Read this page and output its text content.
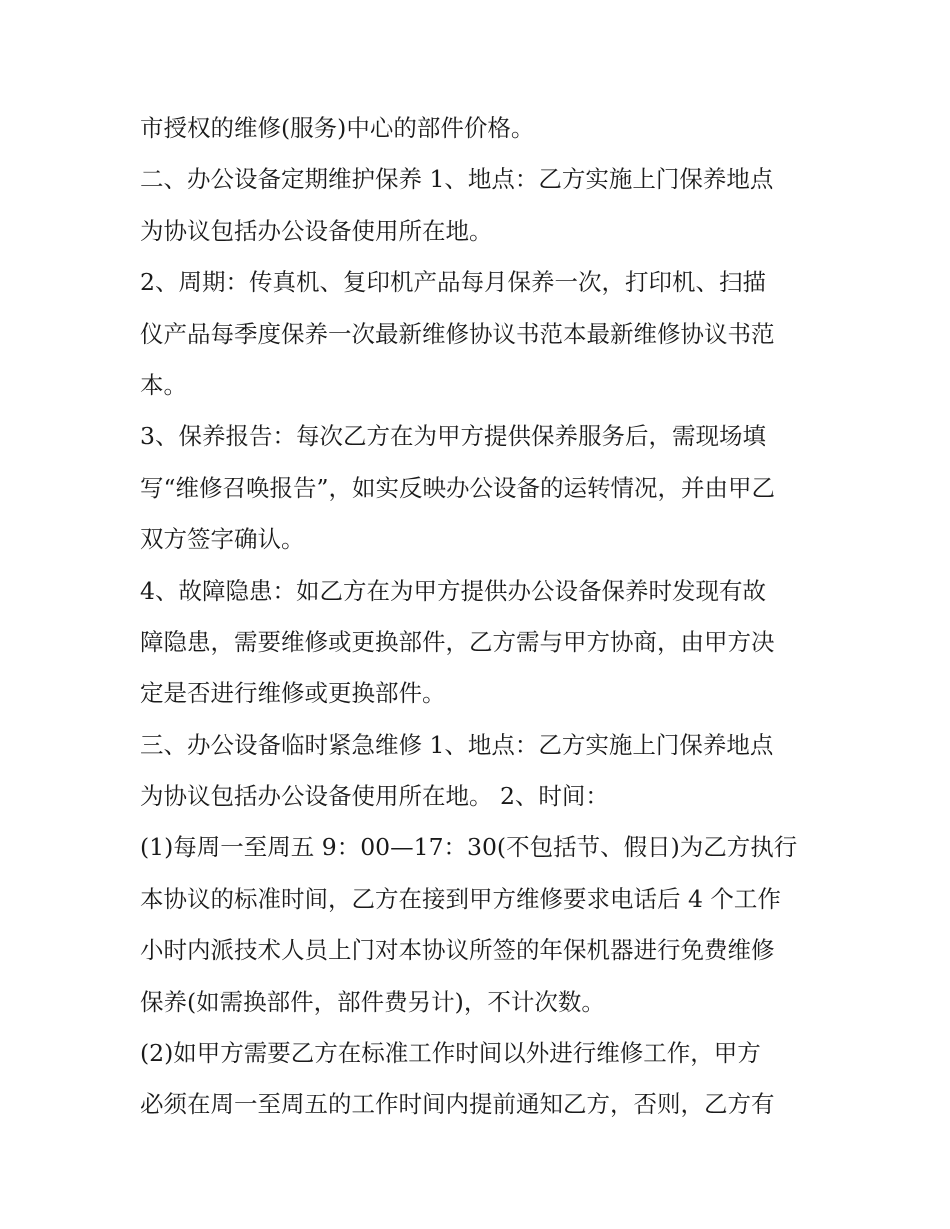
市授权的维修(服务)中心的部件价格。
二、办公设备定期维护保养 1、地点：乙方实施上门保养地点
为协议包括办公设备使用所在地。
2、周期：传真机、复印机产品每月保养一次，打印机、扫描
仪产品每季度保养一次最新维修协议书范本最新维修协议书范
本。
3、保养报告：每次乙方在为甲方提供保养服务后，需现场填
写“维修召唤报告”，如实反映办公设备的运转情况，并由甲乙
双方签字确认。
4、故障隐患：如乙方在为甲方提供办公设备保养时发现有故
障隐患，需要维修或更换部件，乙方需与甲方协商，由甲方决
定是否进行维修或更换部件。
三、办公设备临时紧急维修 1、地点：乙方实施上门保养地点
为协议包括办公设备使用所在地。 2、时间：
(1)每周一至周五 9：00—17：30(不包括节、假日)为乙方执行
本协议的标准时间，乙方在接到甲方维修要求电话后 4 个工作
小时内派技术人员上门对本协议所签的年保机器进行免费维修
保养(如需换部件，部件费另计)，不计次数。
(2)如甲方需要乙方在标准工作时间以外进行维修工作，甲方
必须在周一至周五的工作时间内提前通知乙方，否则，乙方有
